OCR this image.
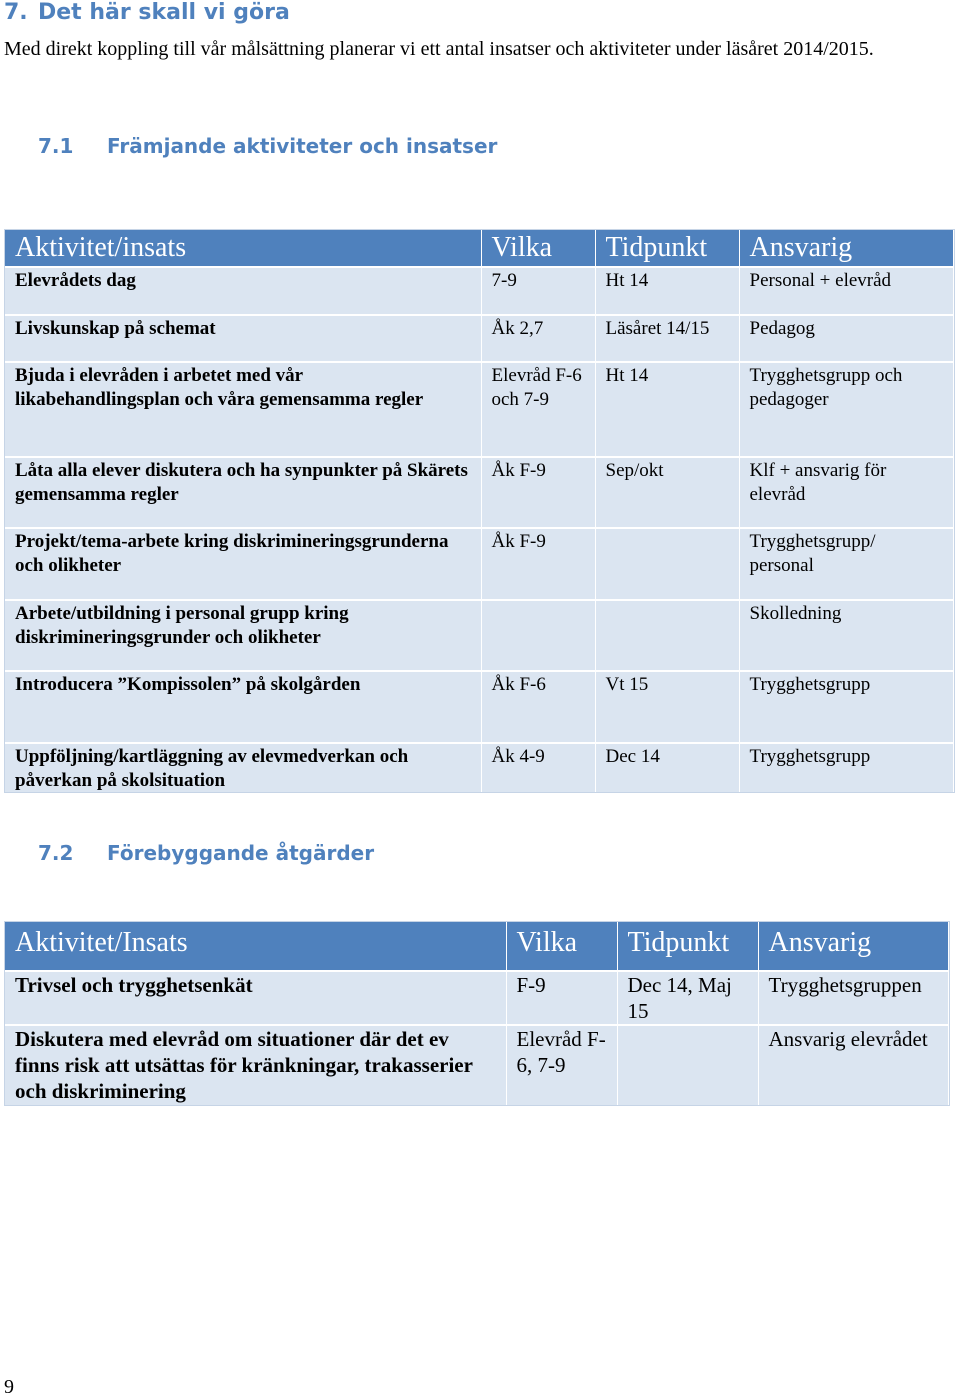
7. Det här skall vi göra
Med direkt koppling till vår målsättning planerar vi ett antal insatser och aktiviteter under läsåret 2014/2015.
7.1 Främjande aktiviteter och insatser
Aktivitet/insats	Vilka	Tidpunkt	Ansvarig
Elevrådets dag	7-9	Ht 14	Personal + elevråd
Livskunskap på schemat	Åk 2,7	Läsåret 14/15	Pedagog
Bjuda i elevråden i arbetet med vår likabehandlingsplan och våra gemensamma regler	Elevråd F-6 och 7-9	Ht 14	Trygghetsgrupp och pedagoger
Låta alla elever diskutera och ha synpunkter på Skärets gemensamma regler	Åk F-9	Sep/okt	Klf + ansvarig för elevråd
Projekt/tema-arbete kring diskrimineringsgrunderna och olikheter	Åk F-9		Trygghetsgrupp/ personal
Arbete/utbildning i personal grupp kring diskrimineringsgrunder och olikheter			Skolledning
Introducera ”Kompissolen” på skolgården	Åk F-6	Vt 15	Trygghetsgrupp
Uppföljning/kartläggning av elevmedverkan och påverkan på skolsituation	Åk 4-9	Dec 14	Trygghetsgrupp
7.2 Förebyggande åtgärder
Aktivitet/Insats	Vilka	Tidpunkt	Ansvarig
Trivsel och trygghetsenkät	F-9	Dec 14, Maj 15	Trygghetsgruppen
Diskutera med elevråd om situationer där det ev finns risk att utsättas för kränkningar, trakasserier och diskriminering	Elevråd F-6, 7-9		Ansvarig elevrådet
9
